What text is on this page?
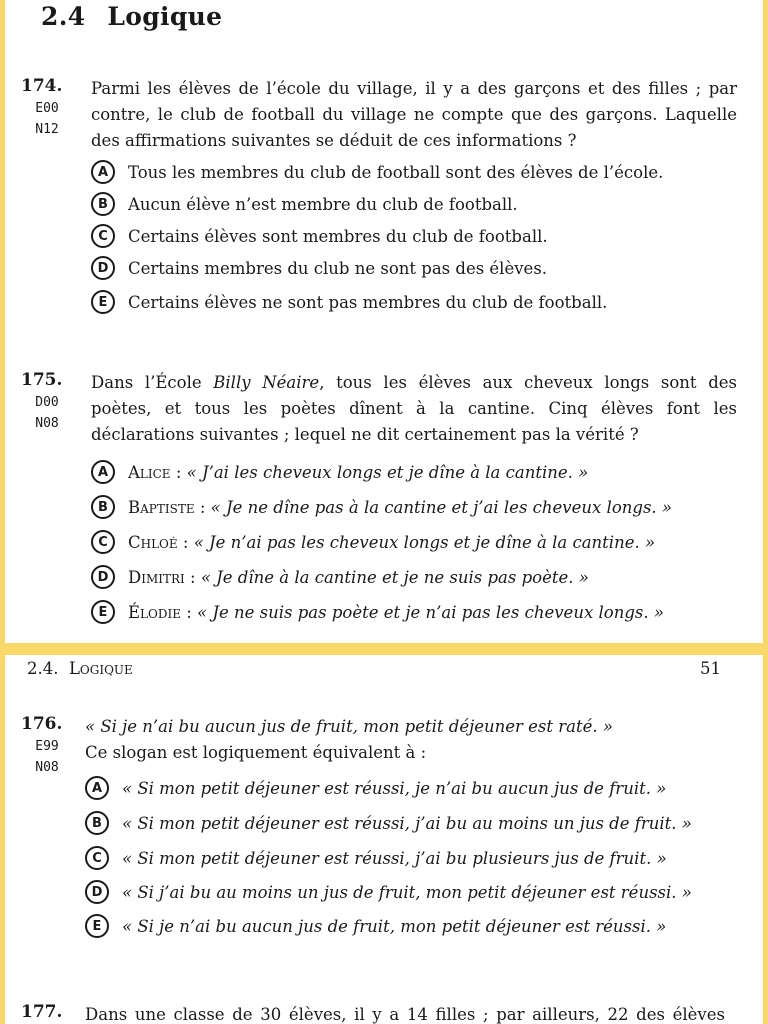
2.4 Logique
174.
E00
N12
Parmi les élèves de l’école du village, il y a des garçons et des filles ; par
contre, le club de football du village ne compte que des garçons. Laquelle
des affirmations suivantes se déduit de ces informations ?
A	Tous les membres du club de football sont des élèves de l’école.
B	Aucun élève n’est membre du club de football.
C	Certains élèves sont membres du club de football.
D	Certains membres du club ne sont pas des élèves.
E	Certains élèves ne sont pas membres du club de football.
175.
D00
N08
Dans l’École Billy Néaire, tous les élèves aux cheveux longs sont des
poètes, et tous les poètes dînent à la cantine. Cinq élèves font les
déclarations suivantes ; lequel ne dit certainement pas la vérité ?
A	Alice : « J’ai les cheveux longs et je dîne à la cantine. »
B	Baptiste : « Je ne dîne pas à la cantine et j’ai les cheveux longs. »
C	Chloé : « Je n’ai pas les cheveux longs et je dîne à la cantine. »
D	Dimitri : « Je dîne à la cantine et je ne suis pas poète. »
E	Élodie : « Je ne suis pas poète et je n’ai pas les cheveux longs. »
2.4.  Logique	51
176.
E99
N08
« Si je n’ai bu aucun jus de fruit, mon petit déjeuner est raté. »
Ce slogan est logiquement équivalent à :
A	« Si mon petit déjeuner est réussi, je n’ai bu aucun jus de fruit. »
B	« Si mon petit déjeuner est réussi, j’ai bu au moins un jus de fruit. »
C	« Si mon petit déjeuner est réussi, j’ai bu plusieurs jus de fruit. »
D	« Si j’ai bu au moins un jus de fruit, mon petit déjeuner est réussi. »
E	« Si je n’ai bu aucun jus de fruit, mon petit déjeuner est réussi. »
177. Dans une classe de 30 élèves, il y a 14 filles ; par ailleurs, 22 des élèves
